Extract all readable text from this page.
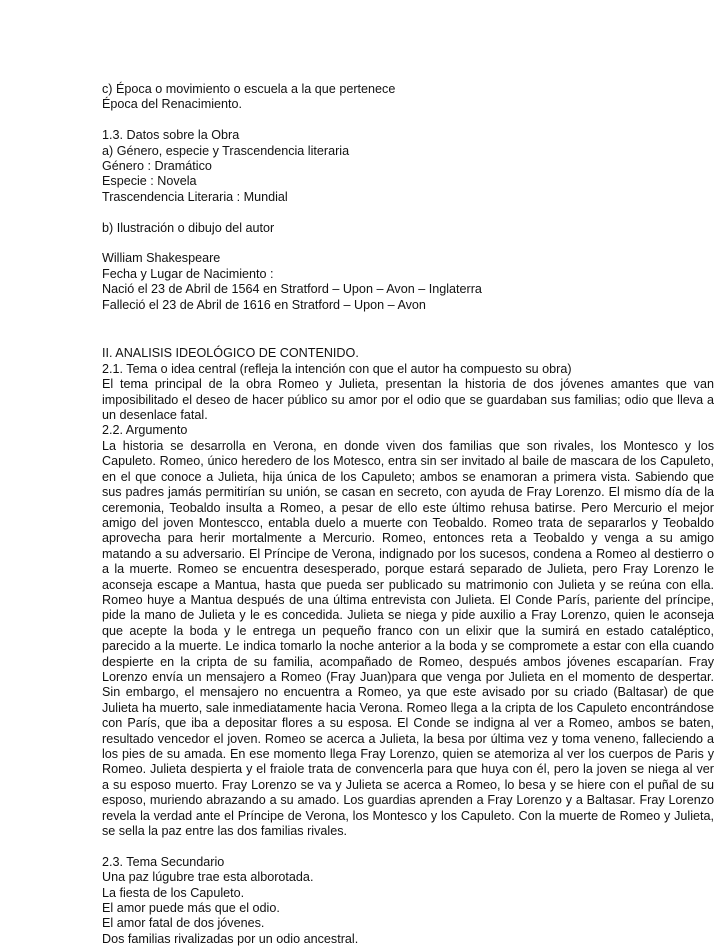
c) Época o movimiento o escuela a la que pertenece
Época del Renacimiento.
1.3. Datos sobre la Obra
a) Género, especie y Trascendencia literaria
Género : Dramático
Especie : Novela
Trascendencia Literaria : Mundial
b) Ilustración o dibujo del autor
William Shakespeare
Fecha y Lugar de Nacimiento :
Nació el 23 de Abril de 1564 en Stratford – Upon – Avon – Inglaterra
Falleció el 23 de Abril de 1616 en Stratford – Upon – Avon
II. ANALISIS IDEOLÓGICO DE CONTENIDO.
2.1. Tema o idea central (refleja la intención con que el autor ha compuesto su obra)
El tema principal de la obra Romeo y Julieta, presentan la historia de dos jóvenes amantes que van imposibilitado el deseo de hacer público su amor por el odio que se guardaban sus familias; odio que lleva a un desenlace fatal.
2.2. Argumento
La historia se desarrolla en Verona, en donde viven dos familias que son rivales, los Montesco y los Capuleto. Romeo, único heredero de los Motesco, entra sin ser invitado al baile de mascara de los Capuleto, en el que conoce a Julieta, hija única de los Capuleto; ambos se enamoran a primera vista. Sabiendo que sus padres jamás permitirían su unión, se casan en secreto, con ayuda de Fray Lorenzo. El mismo día de la ceremonia, Teobaldo insulta a Romeo, a pesar de ello este último rehusa batirse. Pero Mercurio el mejor amigo del joven Montescco, entabla duelo a muerte con Teobaldo. Romeo trata de separarlos y Teobaldo aprovecha para herir mortalmente a Mercurio. Romeo, entonces reta a Teobaldo y venga a su amigo matando a su adversario. El Príncipe de Verona, indignado por los sucesos, condena a Romeo al destierro o a la muerte. Romeo se encuentra desesperado, porque estará separado de Julieta, pero Fray Lorenzo le aconseja escape a Mantua, hasta que pueda ser publicado su matrimonio con Julieta y se reúna con ella. Romeo huye a Mantua después de una última entrevista con Julieta. El Conde París, pariente del príncipe, pide la mano de Julieta y le es concedida. Julieta se niega y pide auxilio a Fray Lorenzo, quien le aconseja que acepte la boda y le entrega un pequeño franco con un elixir que la sumirá en estado cataléptico, parecido a la muerte. Le indica tomarlo la noche anterior a la boda y se compromete a estar con ella cuando despierte en la cripta de su familia, acompañado de Romeo, después ambos jóvenes escaparían. Fray Lorenzo envía un mensajero a Romeo (Fray Juan)para que venga por Julieta en el momento de despertar. Sin embargo, el mensajero no encuentra a Romeo, ya que este avisado por su criado (Baltasar) de que Julieta ha muerto, sale inmediatamente hacia Verona. Romeo llega a la cripta de los Capuleto encontrándose con París, que iba a depositar flores a su esposa. El Conde se indigna al ver a Romeo, ambos se baten, resultado vencedor el joven. Romeo se acerca a Julieta, la besa por última vez y toma veneno, falleciendo a los pies de su amada. En ese momento llega Fray Lorenzo, quien se atemoriza al ver los cuerpos de Paris y Romeo. Julieta despierta y el fraiole trata de convencerla para que huya con él, pero la joven se niega al ver a su esposo muerto. Fray Lorenzo se va y Julieta se acerca a Romeo, lo besa y se hiere con el puñal de su esposo, muriendo abrazando a su amado. Los guardias aprenden a Fray Lorenzo y a Baltasar. Fray Lorenzo revela la verdad ante el Príncipe de Verona, los Montesco y los Capuleto. Con la muerte de Romeo y Julieta, se sella la paz entre las dos familias rivales.
2.3. Tema Secundario
Una paz lúgubre trae esta alborotada.
La fiesta de los Capuleto.
El amor puede más que el odio.
El amor fatal de dos jóvenes.
Dos familias rivalizadas por un odio ancestral.
